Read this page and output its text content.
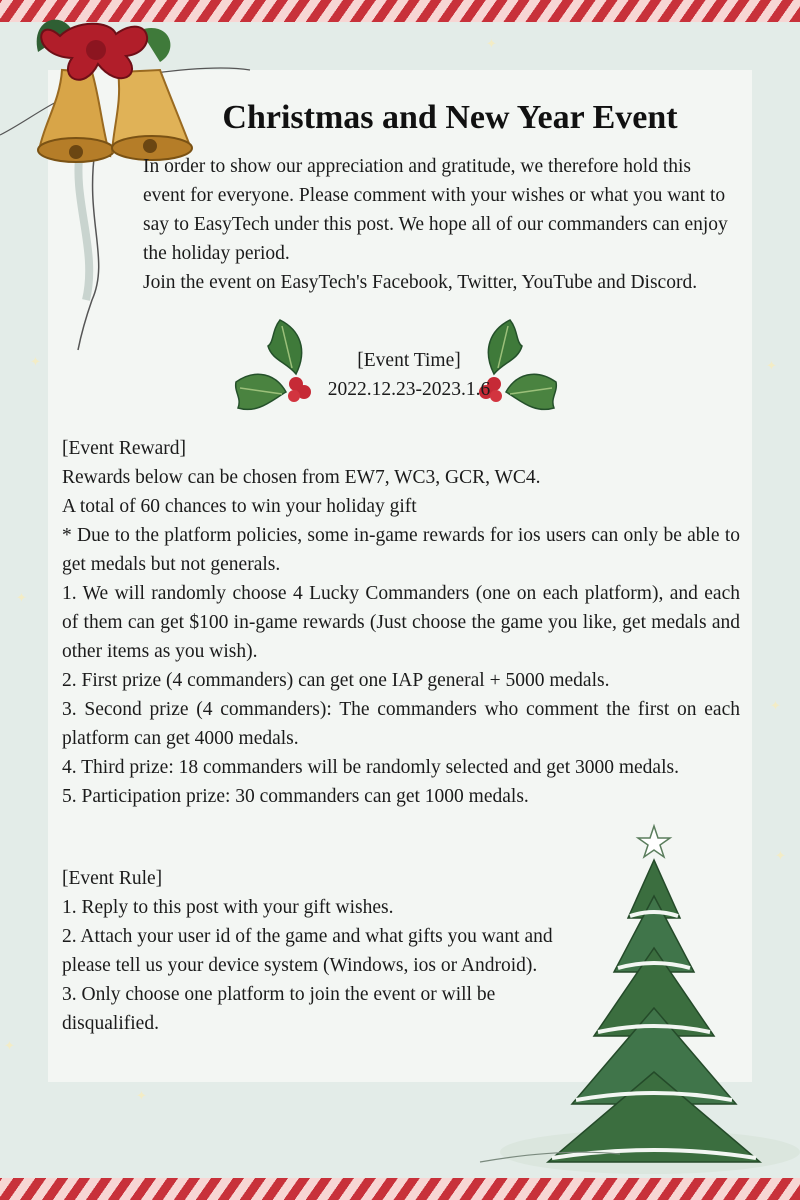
✦
✦
✦
✦
✦
✦
✦
✦
Christmas and New Year Event
In order to show our appreciation and gratitude, we therefore hold this event for everyone. Please comment with your wishes or what you want to say to EasyTech under this post. We hope all of our commanders can enjoy the holiday period.
Join the event on EasyTech's Facebook, Twitter, YouTube and Discord.
[Event Time]
2022.12.23-2023.1.6
[Event Reward]
Rewards below can be chosen from EW7, WC3, GCR, WC4.
A total of 60 chances to win your holiday gift
* Due to the platform policies, some in-game rewards for ios users can only be able to get medals but not generals.
1. We will randomly choose 4 Lucky Commanders (one on each platform), and each of them can get $100 in-game rewards (Just choose the game you like, get medals and other items as you wish).
2. First prize (4 commanders) can get one IAP general + 5000 medals.
3. Second prize (4 commanders): The commanders who comment the first on each platform can get 4000 medals.
4. Third prize: 18 commanders will be randomly selected and get 3000 medals.
5. Participation prize: 30 commanders can get 1000 medals.
[Event Rule]
1. Reply to this post with your gift wishes.
2. Attach your user id of the game and what gifts you want and please tell us your device system (Windows, ios or Android).
3. Only choose one platform to join the event or will be disqualified.
